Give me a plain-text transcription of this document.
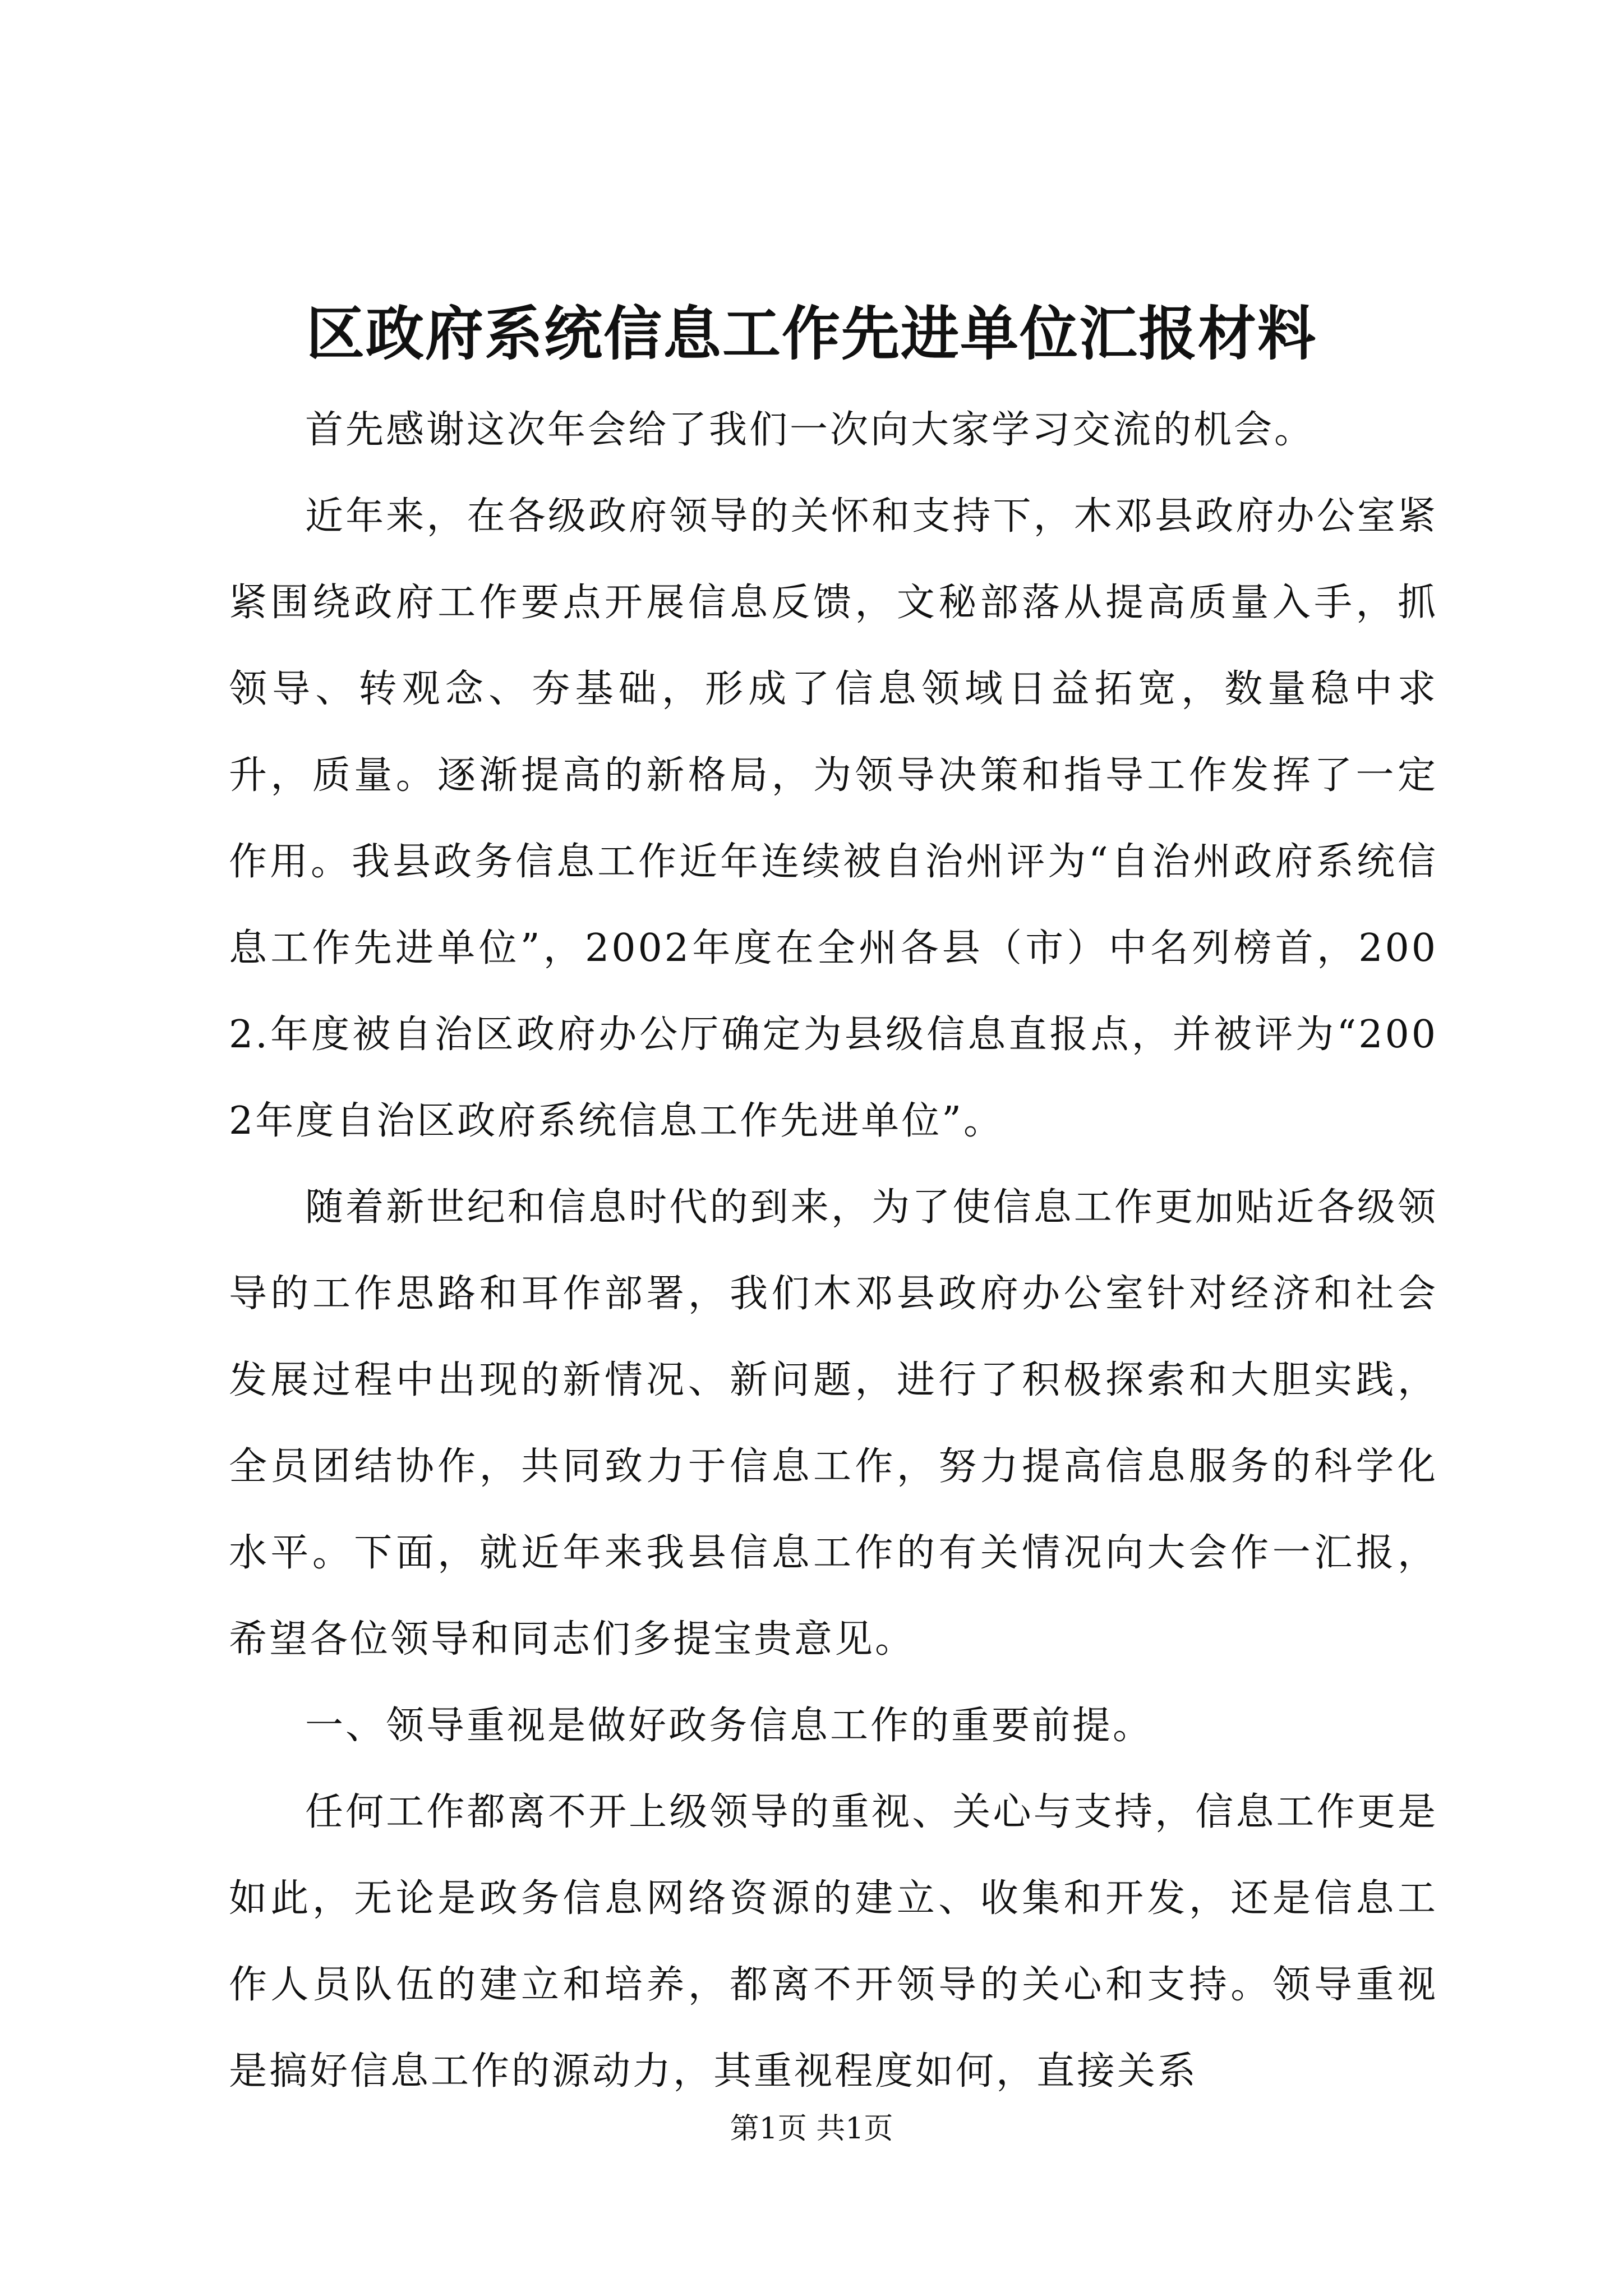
区政府系统信息工作先进单位汇报材料

首先感谢这次年会给了我们一次向大家学习交流的机会。

近年来，在各级政府领导的关怀和支持下，木邓县政府办公室紧紧围绕政府工作要点开展信息反馈，文秘部落从提高质量入手，抓领导、转观念、夯基础，形成了信息领域日益拓宽，数量稳中求升，质量。逐渐提高的新格局，为领导决策和指导工作发挥了一定作用。我县政务信息工作近年连续被自治州评为“自治州政府系统信息工作先进单位”，2002年度在全州各县（市）中名列榜首，2002.年度被自治区政府办公厅确定为县级信息直报点，并被评为“2002年度自治区政府系统信息工作先进单位”。

随着新世纪和信息时代的到来，为了使信息工作更加贴近各级领导的工作思路和耳作部署，我们木邓县政府办公室针对经济和社会发展过程中出现的新情况、新问题，进行了积极探索和大胆实践，全员团结协作，共同致力于信息工作，努力提高信息服务的科学化水平。下面，就近年来我县信息工作的有关情况向大会作一汇报，希望各位领导和同志们多提宝贵意见。

一、领导重视是做好政务信息工作的重要前提。

任何工作都离不开上级领导的重视、关心与支持，信息工作更是如此，无论是政务信息网络资源的建立、收集和开发，还是信息工作人员队伍的建立和培养，都离不开领导的关心和支持。领导重视是搞好信息工作的源动力，其重视程度如何，直接关系

第1页 共1页
